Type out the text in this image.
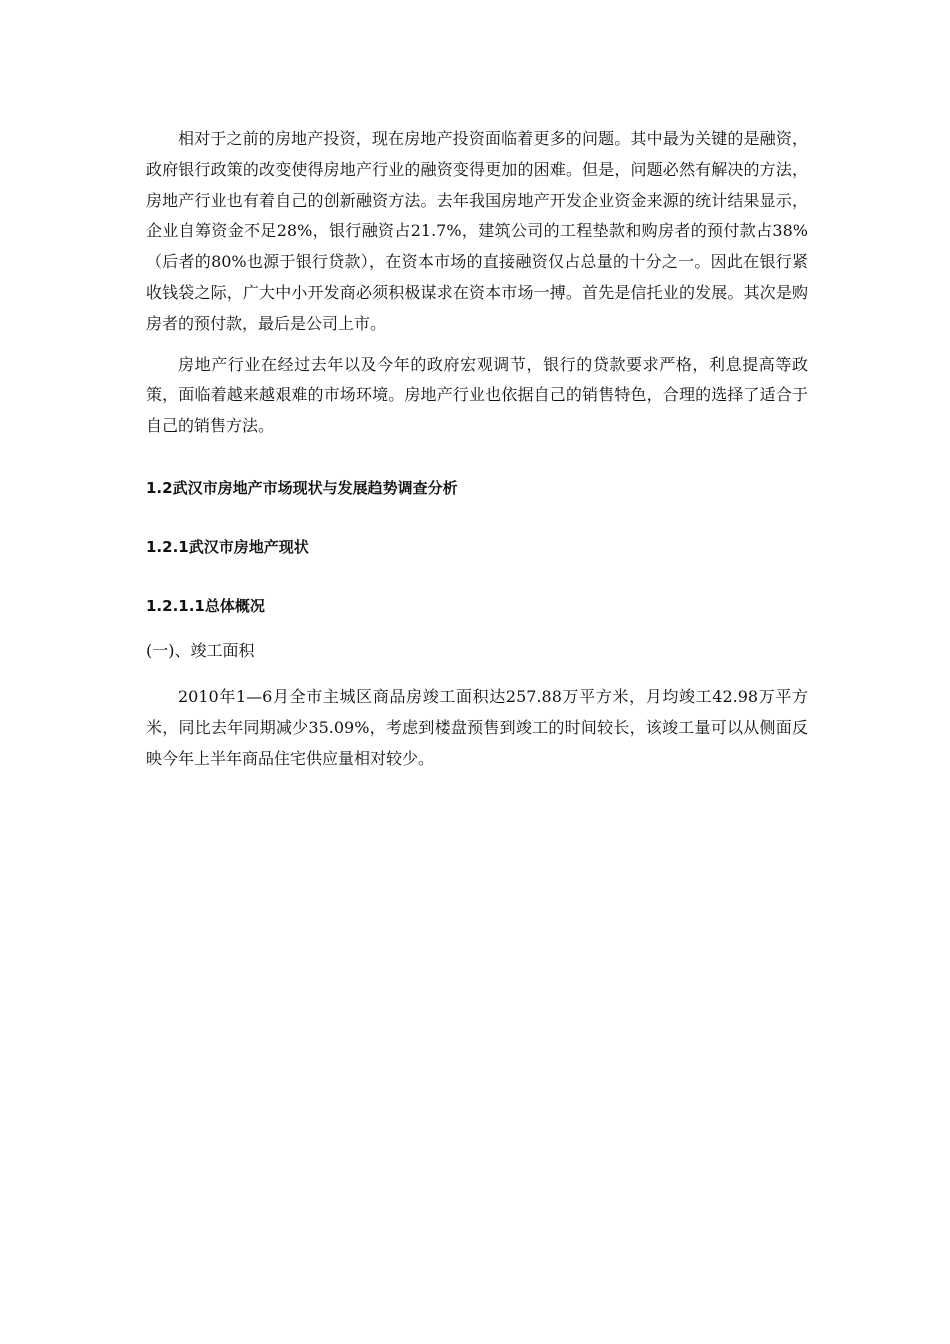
相对于之前的房地产投资，现在房地产投资面临着更多的问题。其中最为关键的是融资，政府银行政策的改变使得房地产行业的融资变得更加的困难。但是，问题必然有解决的方法，房地产行业也有着自己的创新融资方法。去年我国房地产开发企业资金来源的统计结果显示，企业自筹资金不足28%，银行融资占21.7%，建筑公司的工程垫款和购房者的预付款占38%（后者的80%也源于银行贷款），在资本市场的直接融资仅占总量的十分之一。因此在银行紧收钱袋之际，广大中小开发商必须积极谋求在资本市场一搏。首先是信托业的发展。其次是购房者的预付款，最后是公司上市。

房地产行业在经过去年以及今年的政府宏观调节，银行的贷款要求严格，利息提高等政策，面临着越来越艰难的市场环境。房地产行业也依据自己的销售特色，合理的选择了适合于自己的销售方法。

1.2武汉市房地产市场现状与发展趋势调查分析
1.2.1武汉市房地产现状
1.2.1.1总体概况

(一)、竣工面积

2010年1—6月全市主城区商品房竣工面积达257.88万平方米，月均竣工42.98万平方米，同比去年同期减少35.09%，考虑到楼盘预售到竣工的时间较长，该竣工量可以从侧面反映今年上半年商品住宅供应量相对较少。
